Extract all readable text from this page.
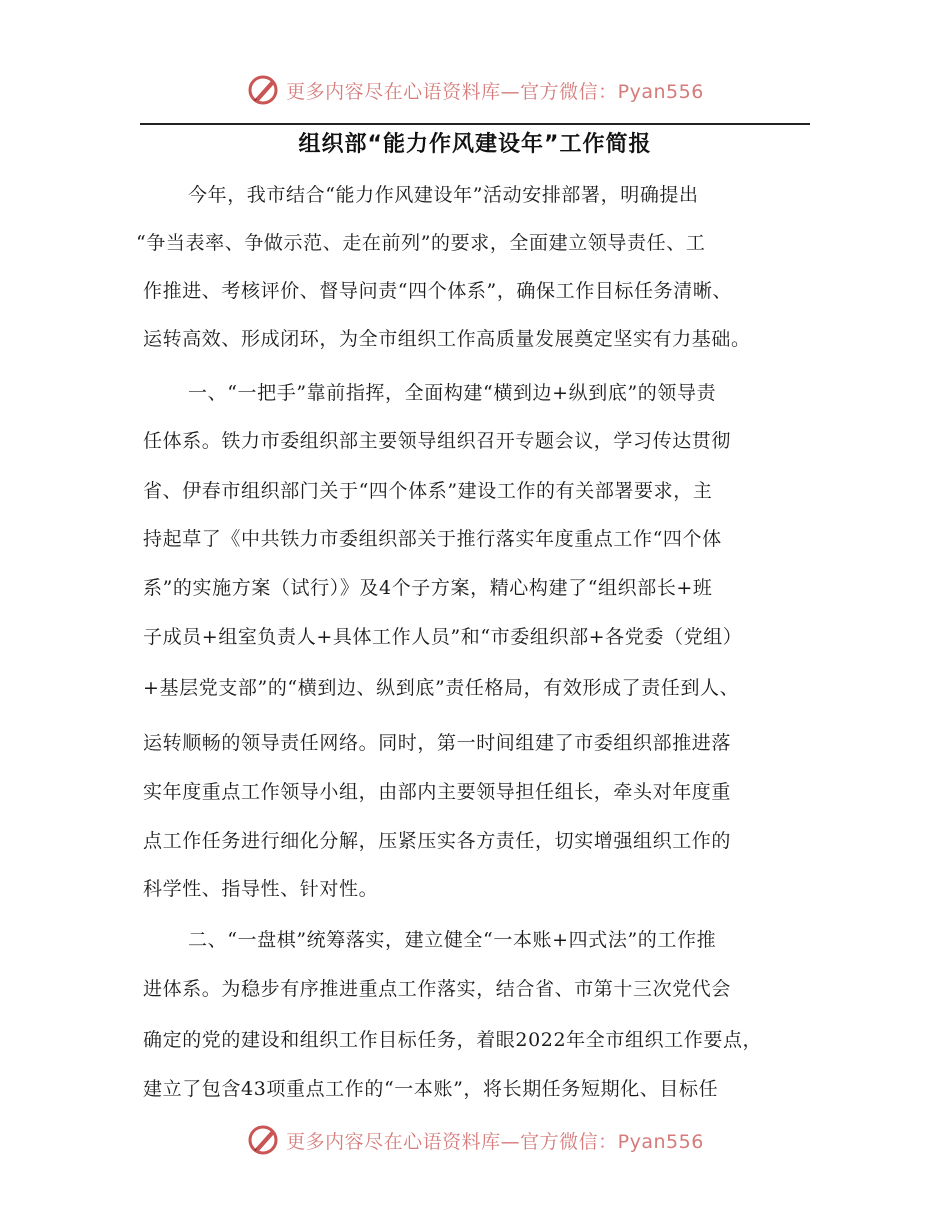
更多内容尽在心语资料库—官方微信：Pyan556
组织部“能力作风建设年”工作简报
今年，我市结合“能力作风建设年”活动安排部署，明确提出
“争当表率、争做示范、走在前列”的要求，全面建立领导责任、工
作推进、考核评价、督导问责“四个体系”，确保工作目标任务清晰、
运转高效、形成闭环，为全市组织工作高质量发展奠定坚实有力基础。
一、“一把手”靠前指挥，全面构建“横到边+纵到底”的领导责
任体系。铁力市委组织部主要领导组织召开专题会议，学习传达贯彻
省、伊春市组织部门关于“四个体系”建设工作的有关部署要求，主
持起草了《中共铁力市委组织部关于推行落实年度重点工作“四个体
系”的实施方案（试行）》及4个子方案，精心构建了“组织部长+班
子成员+组室负责人+具体工作人员”和“市委组织部+各党委（党组）
+基层党支部”的“横到边、纵到底”责任格局，有效形成了责任到人、
运转顺畅的领导责任网络。同时，第一时间组建了市委组织部推进落
实年度重点工作领导小组，由部内主要领导担任组长，牵头对年度重
点工作任务进行细化分解，压紧压实各方责任，切实增强组织工作的
科学性、指导性、针对性。
二、“一盘棋”统筹落实，建立健全“一本账+四式法”的工作推
进体系。为稳步有序推进重点工作落实，结合省、市第十三次党代会
确定的党的建设和组织工作目标任务，着眼2022年全市组织工作要点，
建立了包含43项重点工作的“一本账”，将长期任务短期化、目标任
更多内容尽在心语资料库—官方微信：Pyan556
